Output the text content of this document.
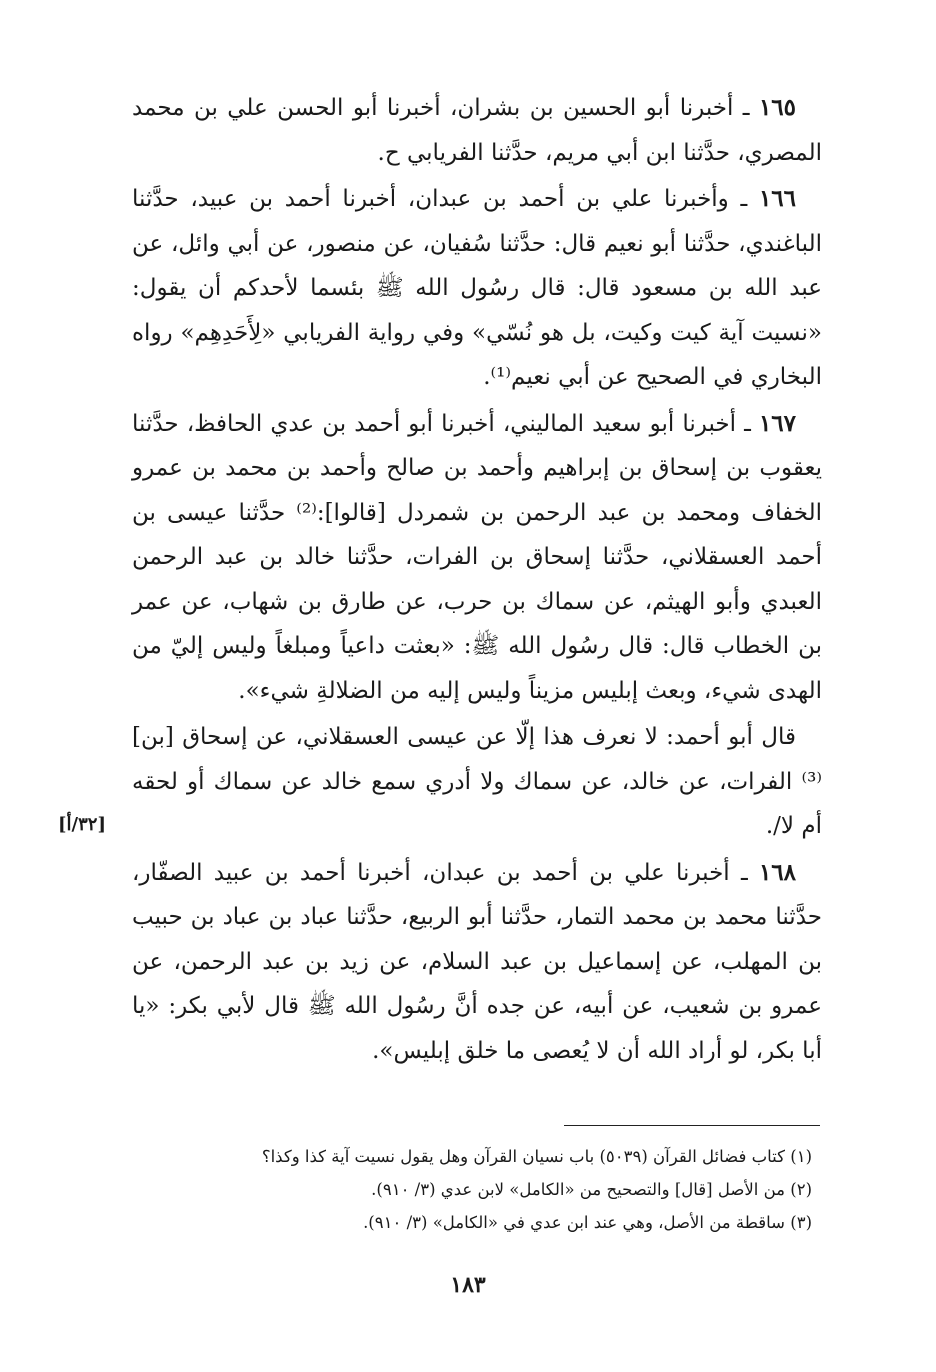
١٦٥ ـ أخبرنا أبو الحسين بن بشران، أخبرنا أبو الحسن علي بن محمد المصري، حدَّثنا ابن أبي مريم، حدَّثنا الفريابي ح.

١٦٦ ـ وأخبرنا علي بن أحمد بن عبدان، أخبرنا أحمد بن عبيد، حدَّثنا الباغندي، حدَّثنا أبو نعيم قال: حدَّثنا سُفيان، عن منصور، عن أبي وائل، عن عبد الله بن مسعود قال: قال رسُول الله ﷺ بئسما لأحدكم أن يقول: «نسيت آية كيت وكيت، بل هو نُسّي» وفي رواية الفريابي «لِأَحَدِهِم» رواه البخاري في الصحيح عن أبي نعيم⁽¹⁾.

١٦٧ ـ أخبرنا أبو سعيد الماليني، أخبرنا أبو أحمد بن عدي الحافظ، حدَّثنا يعقوب بن إسحاق بن إبراهيم وأحمد بن صالح وأحمد بن محمد بن عمرو الخفاف ومحمد بن عبد الرحمن بن شمردل [قالوا]:⁽²⁾ حدَّثنا عيسى بن أحمد العسقلاني، حدَّثنا إسحاق بن الفرات، حدَّثنا خالد بن عبد الرحمن العبدي وأبو الهيثم، عن سماك بن حرب، عن طارق بن شهاب، عن عمر بن الخطاب قال: قال رسُول الله ﷺ: «بعثت داعياً ومبلغاً وليس إليّ من الهدى شيء، وبعث إبليس مزيناً وليس إليه من الضلالةِ شيء».

قال أبو أحمد: لا نعرف هذا إلّا عن عيسى العسقلاني، عن إسحاق [بن]⁽³⁾ الفرات، عن خالد، عن سماك ولا أدري سمع خالد عن سماك أو لحقه أم لا/.

١٦٨ ـ أخبرنا علي بن أحمد بن عبدان، أخبرنا أحمد بن عبيد الصفّار، حدَّثنا محمد بن محمد التمار، حدَّثنا أبو الربيع، حدَّثنا عباد بن عباد بن حبيب بن المهلب، عن إسماعيل بن عبد السلام، عن زيد بن عبد الرحمن، عن عمرو بن شعيب، عن أبيه، عن جده أنَّ رسُول الله ﷺ قال لأبي بكر: «يا أبا بكر، لو أراد الله أن لا يُعصى ما خلق إبليس».

[٣٢/أ]

(١) كتاب فضائل القرآن (٥٠٣٩) باب نسيان القرآن وهل يقول نسيت آية كذا وكذا؟

(٢) من الأصل [قال] والتصحيح من «الكامل» لابن عدي (٣/ ٩١٠).

(٣) ساقطة من الأصل، وهي عند ابن عدي في «الكامل» (٣/ ٩١٠).

١٨٣
